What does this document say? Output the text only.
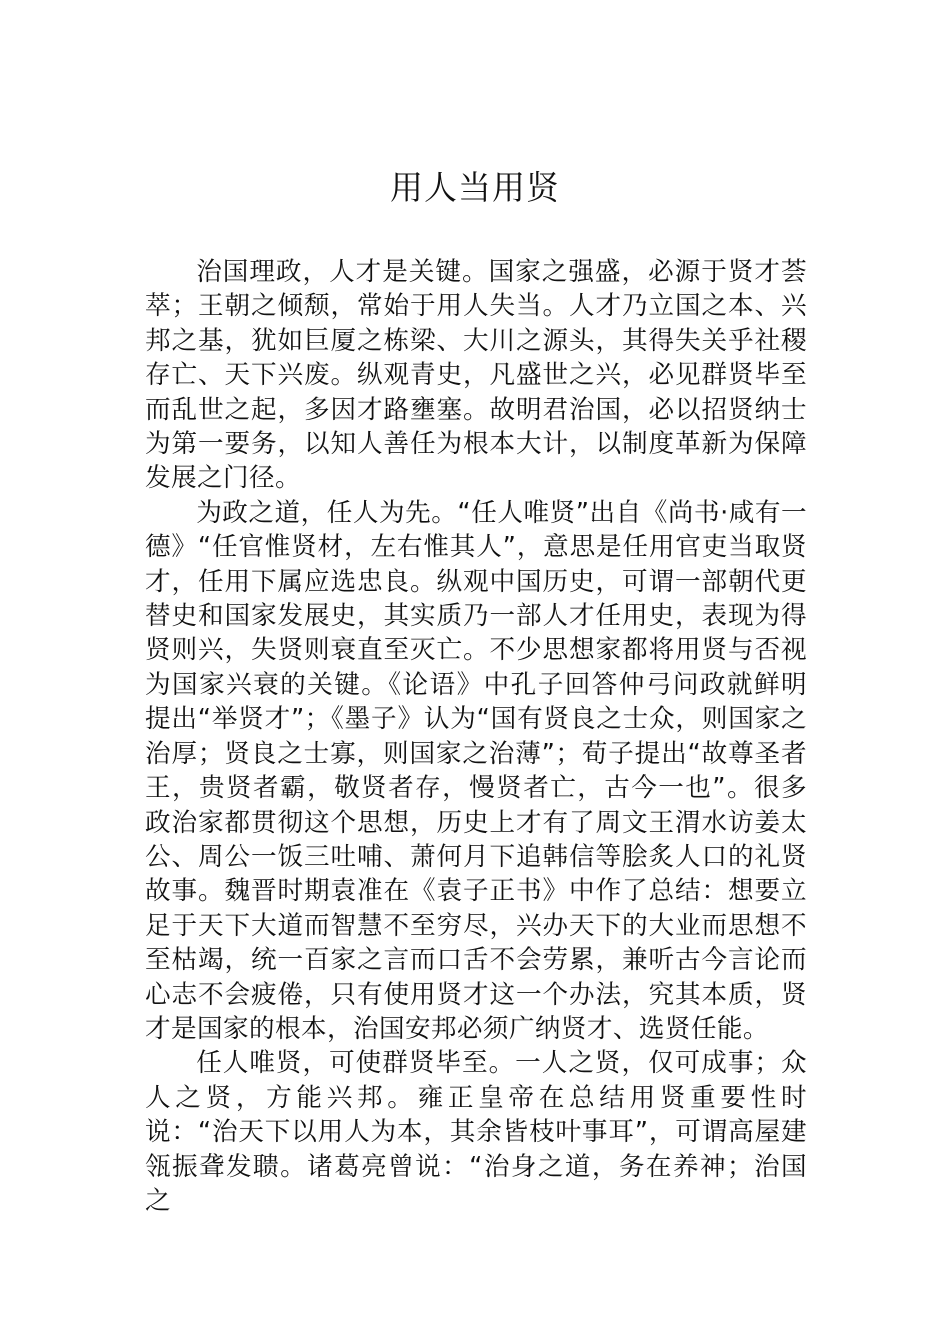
用人当用贤

治国理政，人才是关键。国家之强盛，必源于贤才荟萃；王朝之倾颓，常始于用人失当。人才乃立国之本、兴邦之基，犹如巨厦之栋梁、大川之源头，其得失关乎社稷存亡、天下兴废。纵观青史，凡盛世之兴，必见群贤毕至而乱世之起，多因才路壅塞。故明君治国，必以招贤纳士为第一要务，以知人善任为根本大计，以制度革新为保障发展之门径。

为政之道，任人为先。“任人唯贤”出自《尚书·咸有一德》“任官惟贤材，左右惟其人”，意思是任用官吏当取贤才，任用下属应选忠良。纵观中国历史，可谓一部朝代更替史和国家发展史，其实质乃一部人才任用史，表现为得贤则兴，失贤则衰直至灭亡。不少思想家都将用贤与否视为国家兴衰的关键。《论语》中孔子回答仲弓问政就鲜明提出“举贤才”；《墨子》认为“国有贤良之士众，则国家之治厚；贤良之士寡，则国家之治薄”；荀子提出“故尊圣者王，贵贤者霸，敬贤者存，慢贤者亡，古今一也”。很多政治家都贯彻这个思想，历史上才有了周文王渭水访姜太公、周公一饭三吐哺、萧何月下追韩信等脍炙人口的礼贤故事。魏晋时期袁准在《袁子正书》中作了总结：想要立足于天下大道而智慧不至穷尽，兴办天下的大业而思想不至枯竭，统一百家之言而口舌不会劳累，兼听古今言论而心志不会疲倦，只有使用贤才这一个办法，究其本质，贤才是国家的根本，治国安邦必须广纳贤才、选贤任能。

任人唯贤，可使群贤毕至。一人之贤，仅可成事；众人之贤，方能兴邦。雍正皇帝在总结用贤重要性时说：“治天下以用人为本，其余皆枝叶事耳”，可谓高屋建瓴振聋发聩。诸葛亮曾说：“治身之道，务在养神；治国之
